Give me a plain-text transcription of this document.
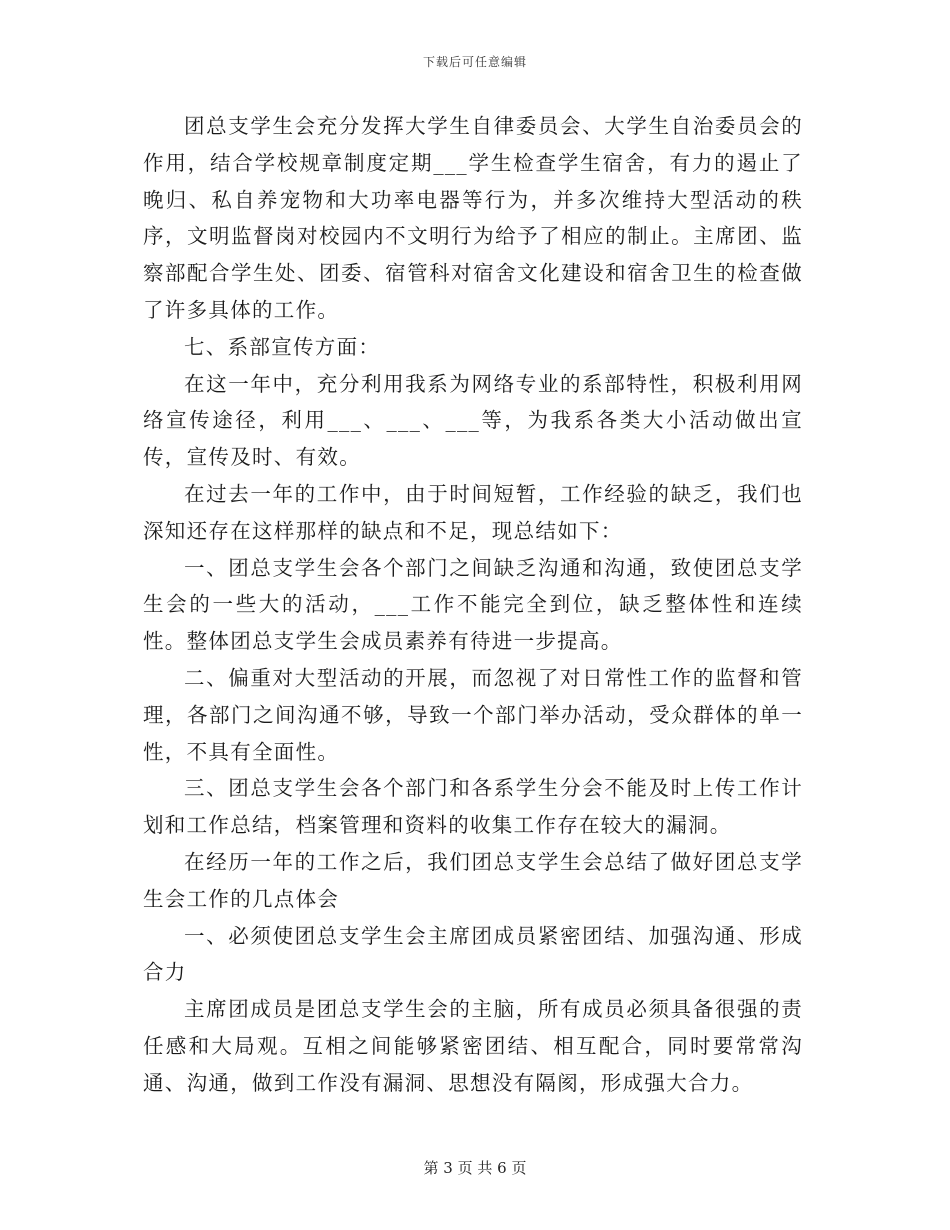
下载后可任意编辑

团总支学生会充分发挥大学生自律委员会、大学生自治委员会的作用，结合学校规章制度定期___学生检查学生宿舍，有力的遏止了晚归、私自养宠物和大功率电器等行为，并多次维持大型活动的秩序，文明监督岗对校园内不文明行为给予了相应的制止。主席团、监察部配合学生处、团委、宿管科对宿舍文化建设和宿舍卫生的检查做了许多具体的工作。

七、系部宣传方面：

在这一年中，充分利用我系为网络专业的系部特性，积极利用网络宣传途径，利用___、___、___等，为我系各类大小活动做出宣传，宣传及时、有效。

在过去一年的工作中，由于时间短暂，工作经验的缺乏，我们也深知还存在这样那样的缺点和不足，现总结如下：

一、团总支学生会各个部门之间缺乏沟通和沟通，致使团总支学生会的一些大的活动，___工作不能完全到位，缺乏整体性和连续性。整体团总支学生会成员素养有待进一步提高。

二、偏重对大型活动的开展，而忽视了对日常性工作的监督和管理，各部门之间沟通不够，导致一个部门举办活动，受众群体的单一性，不具有全面性。

三、团总支学生会各个部门和各系学生分会不能及时上传工作计划和工作总结，档案管理和资料的收集工作存在较大的漏洞。

在经历一年的工作之后，我们团总支学生会总结了做好团总支学生会工作的几点体会

一、必须使团总支学生会主席团成员紧密团结、加强沟通、形成合力

主席团成员是团总支学生会的主脑，所有成员必须具备很强的责任感和大局观。互相之间能够紧密团结、相互配合，同时要常常沟通、沟通，做到工作没有漏洞、思想没有隔阂，形成强大合力。

第 3 页 共 6 页
